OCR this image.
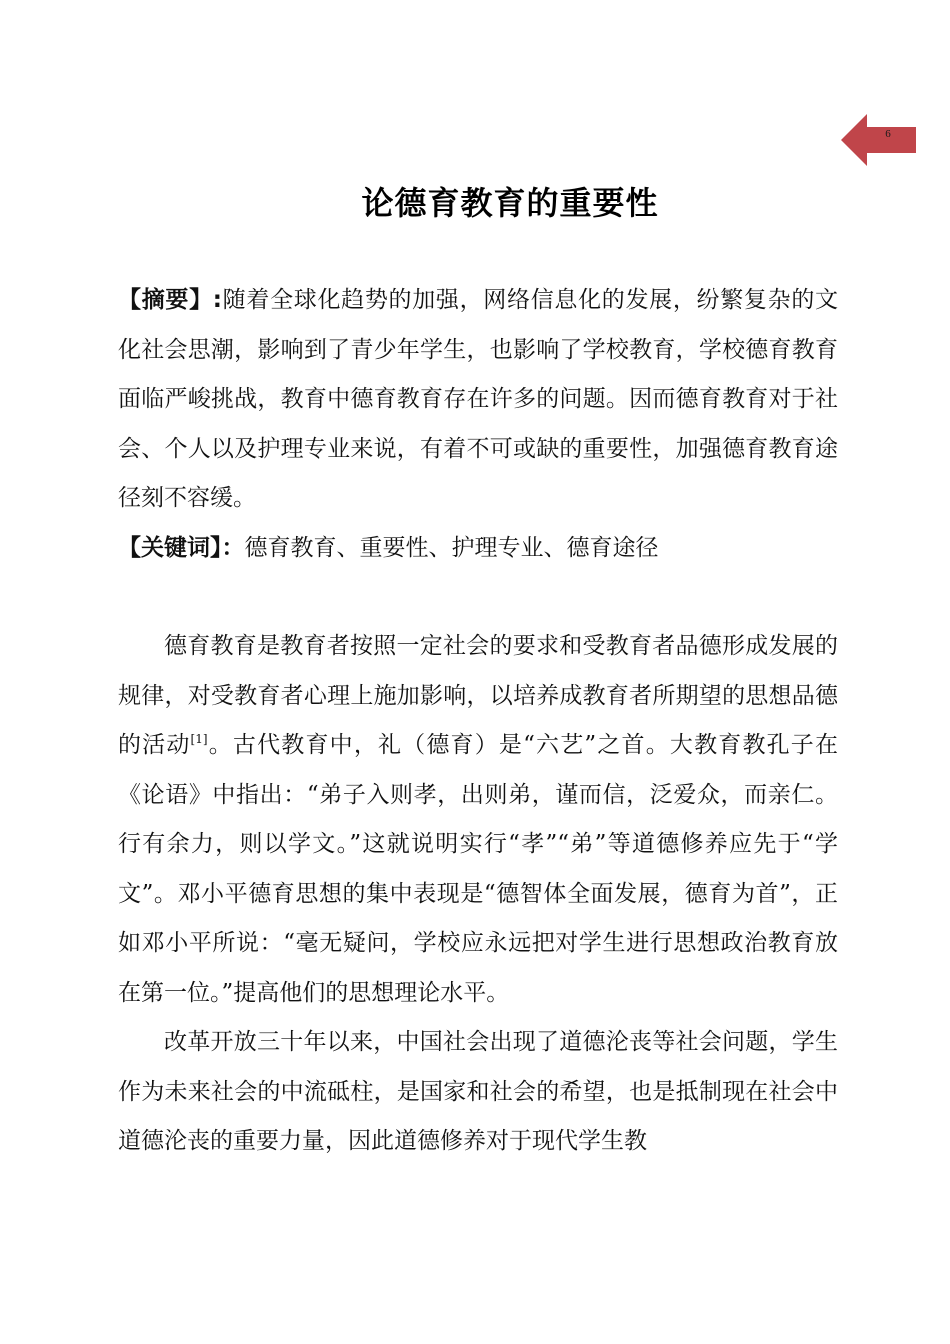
6
论德育教育的重要性
【摘要】:随着全球化趋势的加强，网络信息化的发展，纷繁复杂的文化社会思潮，影响到了青少年学生，也影响了学校教育，学校德育教育面临严峻挑战，教育中德育教育存在许多的问题。因而德育教育对于社会、个人以及护理专业来说，有着不可或缺的重要性，加强德育教育途径刻不容缓。
【关键词】：德育教育、重要性、护理专业、德育途径

德育教育是教育者按照一定社会的要求和受教育者品德形成发展的规律，对受教育者心理上施加影响，以培养成教育者所期望的思想品德的活动[1]。古代教育中，礼（德育）是“六艺”之首。大教育教孔子在《论语》中指出：“弟子入则孝，出则弟，谨而信，泛爱众，而亲仁。行有余力，则以学文。”这就说明实行“孝”“弟”等道德修养应先于“学文”。邓小平德育思想的集中表现是“德智体全面发展，德育为首”，正如邓小平所说：“毫无疑问，学校应永远把对学生进行思想政治教育放在第一位。”提高他们的思想理论水平。

改革开放三十年以来，中国社会出现了道德沦丧等社会问题，学生作为未来社会的中流砥柱，是国家和社会的希望，也是抵制现在社会中道德沦丧的重要力量，因此道德修养对于现代学生教
